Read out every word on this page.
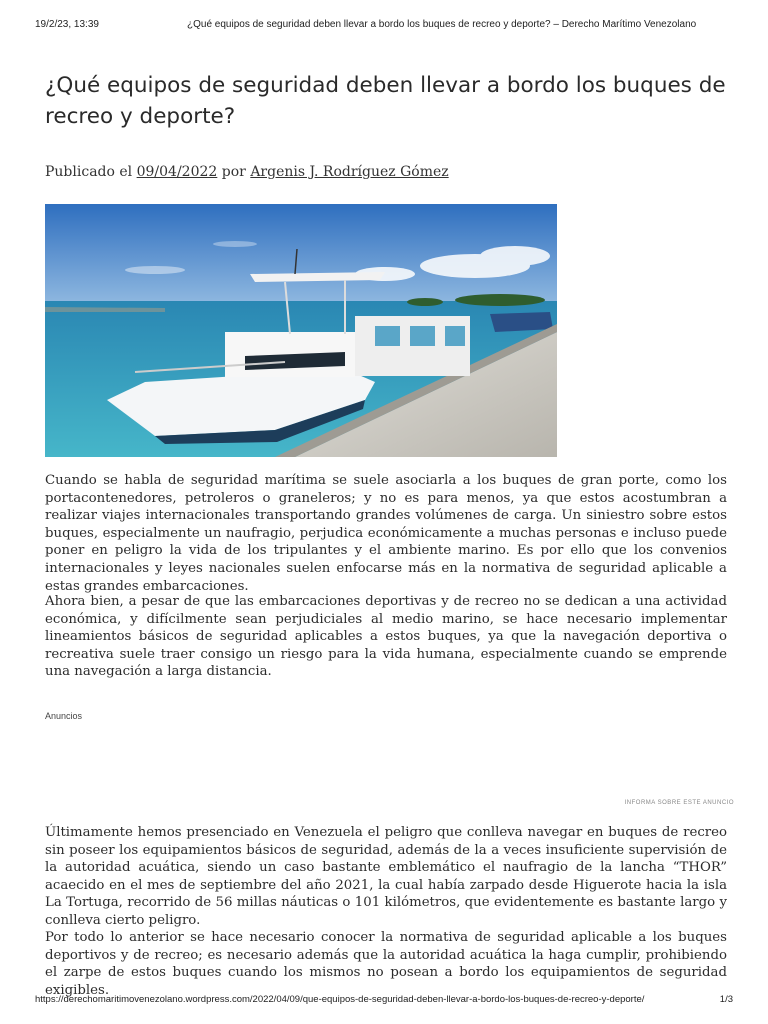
19/2/23, 13:39	¿Qué equipos de seguridad deben llevar a bordo los buques de recreo y deporte? – Derecho Marítimo Venezolano
¿Qué equipos de seguridad deben llevar a bordo los buques de recreo y deporte?
Publicado el 09/04/2022 por Argenis J. Rodríguez Gómez

Cuando se habla de seguridad marítima se suele asociarla a los buques de gran porte, como los portacontenedores, petroleros o graneleros; y no es para menos, ya que estos acostumbran a realizar viajes internacionales transportando grandes volúmenes de carga. Un siniestro sobre estos buques, especialmente un naufragio, perjudica económicamente a muchas personas e incluso puede poner en peligro la vida de los tripulantes y el ambiente marino. Es por ello que los convenios internacionales y leyes nacionales suelen enfocarse más en la normativa de seguridad aplicable a estas grandes embarcaciones.

Ahora bien, a pesar de que las embarcaciones deportivas y de recreo no se dedican a una actividad económica, y difícilmente sean perjudiciales al medio marino, se hace necesario implementar lineamientos básicos de seguridad aplicables a estos buques, ya que la navegación deportiva o recreativa suele traer consigo un riesgo para la vida humana, especialmente cuando se emprende una navegación a larga distancia.

Anuncios
INFORMA SOBRE ESTE ANUNCIO

Últimamente hemos presenciado en Venezuela el peligro que conlleva navegar en buques de recreo sin poseer los equipamientos básicos de seguridad, además de la a veces insuficiente supervisión de la autoridad acuática, siendo un caso bastante emblemático el naufragio de la lancha “THOR” acaecido en el mes de septiembre del año 2021, la cual había zarpado desde Higuerote hacia la isla La Tortuga, recorrido de 56 millas náuticas o 101 kilómetros, que evidentemente es bastante largo y conlleva cierto peligro.

Por todo lo anterior se hace necesario conocer la normativa de seguridad aplicable a los buques deportivos y de recreo; es necesario además que la autoridad acuática la haga cumplir, prohibiendo el zarpe de estos buques cuando los mismos no posean a bordo los equipamientos de seguridad exigibles.

https://derechomaritimovenezolano.wordpress.com/2022/04/09/que-equipos-de-seguridad-deben-llevar-a-bordo-los-buques-de-recreo-y-deporte/	1/3
